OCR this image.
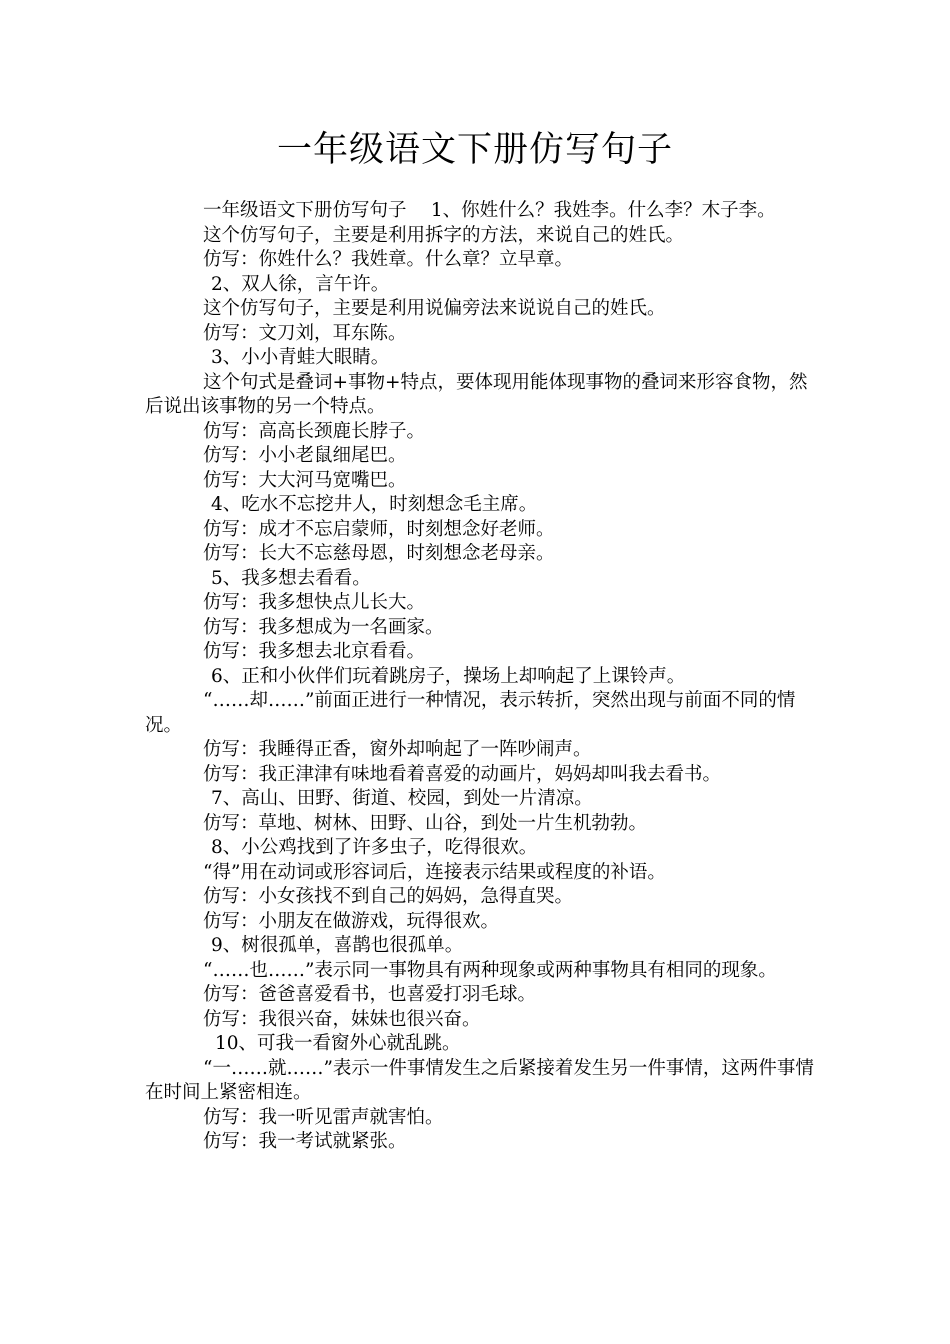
一年级语文下册仿写句子

一年级语文下册仿写句子　 1、你姓什么？我姓李。什么李？木子李。

这个仿写句子，主要是利用拆字的方法，来说自己的姓氏。

仿写：你姓什么？我姓章。什么章？立早章。

2、双人徐，言午许。

这个仿写句子，主要是利用说偏旁法来说说自己的姓氏。

仿写：文刀刘，耳东陈。

3、小小青蛙大眼睛。

这个句式是叠词+事物+特点，要体现用能体现事物的叠词来形容食物，然后说出该事物的另一个特点。

仿写：高高长颈鹿长脖子。

仿写：小小老鼠细尾巴。

仿写：大大河马宽嘴巴。

4、吃水不忘挖井人，时刻想念毛主席。

仿写：成才不忘启蒙师，时刻想念好老师。

仿写：长大不忘慈母恩，时刻想念老母亲。

5、我多想去看看。

仿写：我多想快点儿长大。

仿写：我多想成为一名画家。

仿写：我多想去北京看看。

6、正和小伙伴们玩着跳房子，操场上却响起了上课铃声。

“……却……”前面正进行一种情况，表示转折，突然出现与前面不同的情况。

仿写：我睡得正香，窗外却响起了一阵吵闹声。

仿写：我正津津有味地看着喜爱的动画片，妈妈却叫我去看书。

7、高山、田野、街道、校园，到处一片清凉。

仿写：草地、树林、田野、山谷，到处一片生机勃勃。

8、小公鸡找到了许多虫子，吃得很欢。

“得”用在动词或形容词后，连接表示结果或程度的补语。

仿写：小女孩找不到自己的妈妈，急得直哭。

仿写：小朋友在做游戏，玩得很欢。

9、树很孤单，喜鹊也很孤单。

“……也……”表示同一事物具有两种现象或两种事物具有相同的现象。

仿写：爸爸喜爱看书，也喜爱打羽毛球。

仿写：我很兴奋，妹妹也很兴奋。

10、可我一看窗外心就乱跳。

“一……就……”表示一件事情发生之后紧接着发生另一件事情，这两件事情在时间上紧密相连。

仿写：我一听见雷声就害怕。

仿写：我一考试就紧张。
